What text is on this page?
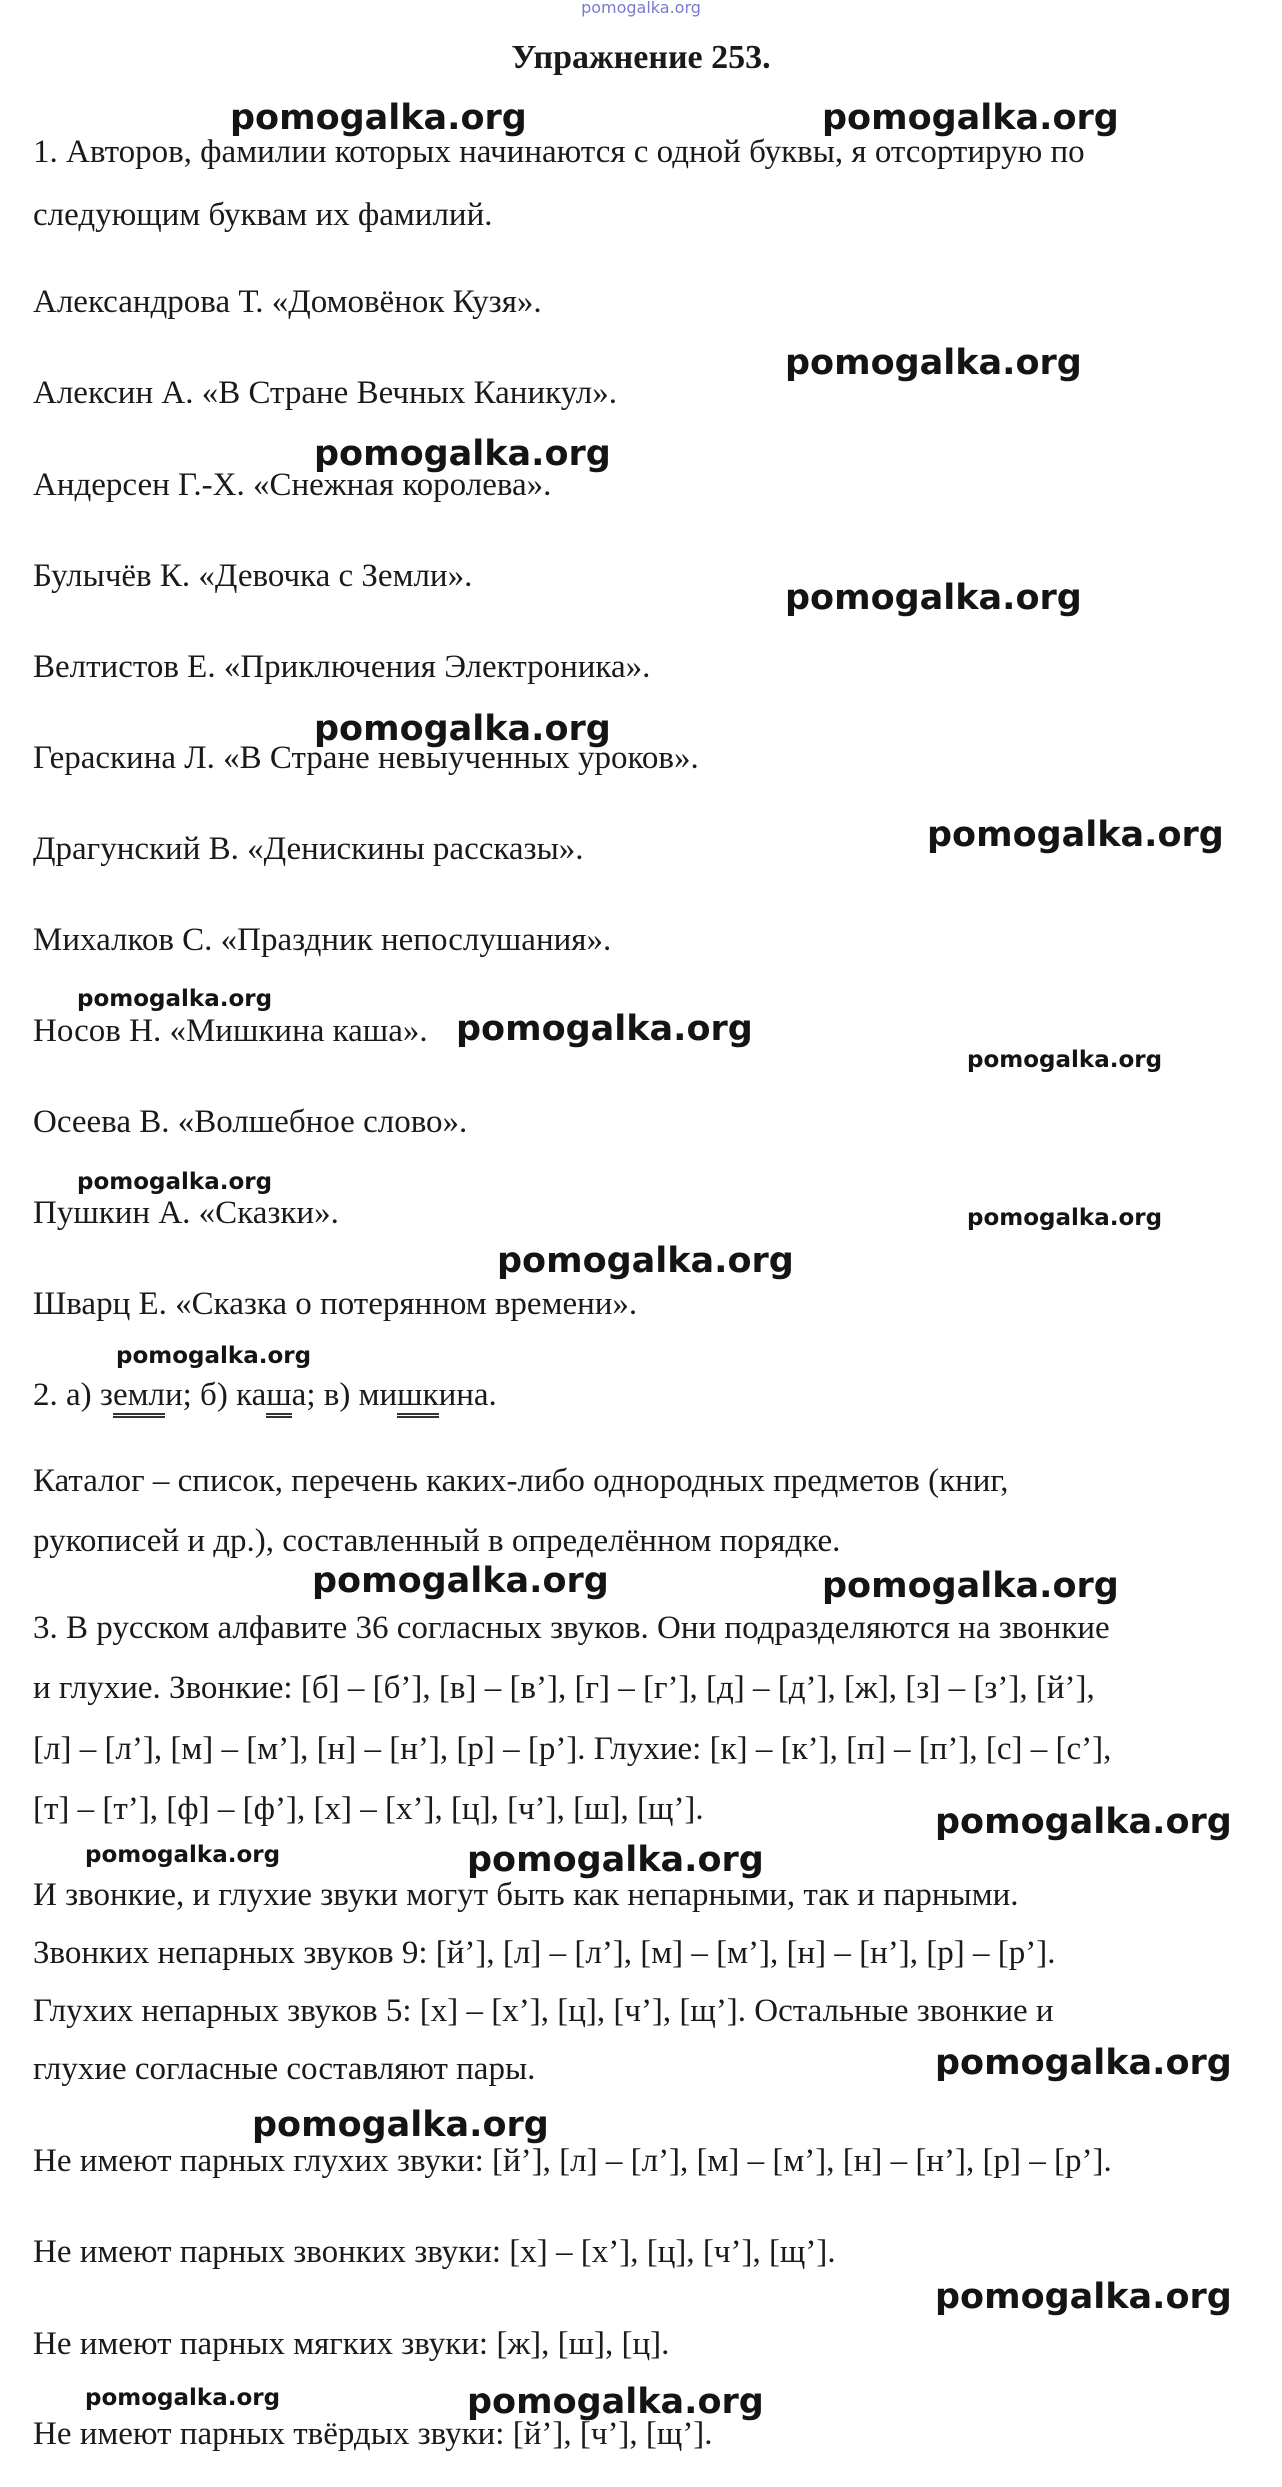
pomogalka.org
Упражнение 253.
1. Авторов, фамилии которых начинаются с одной буквы, я отсортирую по
следующим буквам их фамилий.
Александрова Т. «Домовёнок Кузя».
Алексин А. «В Стране Вечных Каникул».
Андерсен Г.-Х. «Снежная королева».
Булычёв К. «Девочка с Земли».
Велтистов Е. «Приключения Электроника».
Гераскина Л. «В Стране невыученных уроков».
Драгунский В. «Денискины рассказы».
Михалков С. «Праздник непослушания».
Носов Н. «Мишкина каша».
Осеева В. «Волшебное слово».
Пушкин А. «Сказки».
Шварц Е. «Сказка о потерянном времени».
2. а) земли; б) каша; в) мишкина.
Каталог – список, перечень каких-либо однородных предметов (книг,
рукописей и др.), составленный в определённом порядке.
3. В русском алфавите 36 согласных звуков. Они подразделяются на звонкие
и глухие. Звонкие: [б] – [б’], [в] – [в’], [г] – [г’], [д] – [д’], [ж], [з] – [з’], [й’],
[л] – [л’], [м] – [м’], [н] – [н’], [р] – [р’]. Глухие: [к] – [к’], [п] – [п’], [с] – [с’],
[т] – [т’], [ф] – [ф’], [х] – [х’], [ц], [ч’], [ш], [щ’].
И звонкие, и глухие звуки могут быть как непарными, так и парными.
Звонких непарных звуков 9: [й’], [л] – [л’], [м] – [м’], [н] – [н’], [р] – [р’].
Глухих непарных звуков 5: [х] – [х’], [ц], [ч’], [щ’]. Остальные звонкие и
глухие согласные составляют пары.
Не имеют парных глухих звуки: [й’], [л] – [л’], [м] – [м’], [н] – [н’], [р] – [р’].
Не имеют парных звонких звуки: [х] – [х’], [ц], [ч’], [щ’].
Не имеют парных мягких звуки: [ж], [ш], [ц].
Не имеют парных твёрдых звуки: [й’], [ч’], [щ’].
pomogalka.org	pomogalka.org
pomogalka.org
pomogalka.org
pomogalka.org
pomogalka.org
pomogalka.org
pomogalka.org
pomogalka.org
pomogalka.org
pomogalka.org
pomogalka.org
pomogalka.org
pomogalka.org
pomogalka.org	pomogalka.org
pomogalka.org
pomogalka.org	pomogalka.org
pomogalka.org
pomogalka.org
pomogalka.org
pomogalka.org	pomogalka.org
